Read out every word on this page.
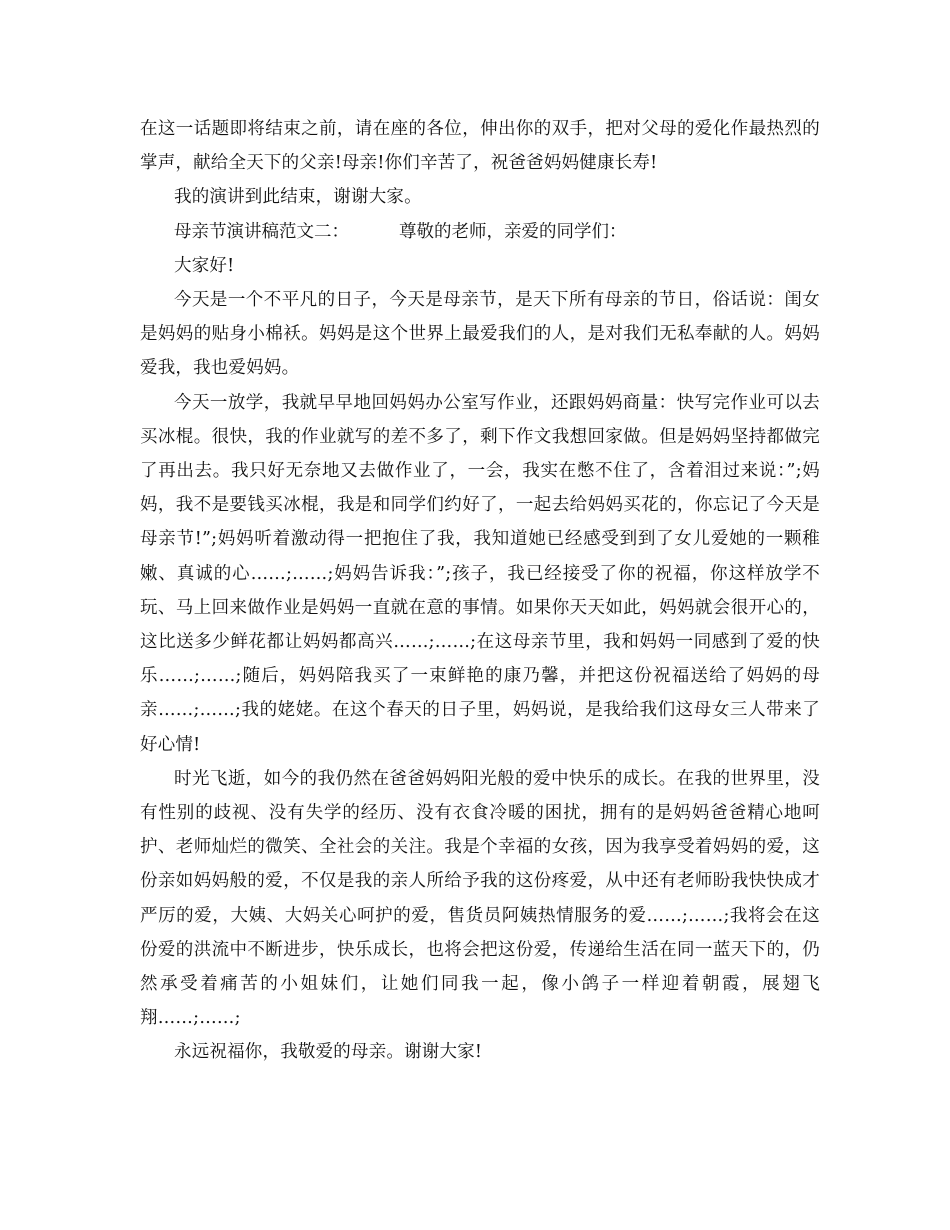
在这一话题即将结束之前，请在座的各位，伸出你的双手，把对父母的爱化作最热烈的掌声，献给全天下的父亲!母亲!你们辛苦了，祝爸爸妈妈健康长寿!

我的演讲到此结束，谢谢大家。

母亲节演讲稿范文二：	尊敬的老师，亲爱的同学们：

大家好!

今天是一个不平凡的日子，今天是母亲节，是天下所有母亲的节日，俗话说：闺女是妈妈的贴身小棉袄。妈妈是这个世界上最爱我们的人，是对我们无私奉献的人。妈妈爱我，我也爱妈妈。

今天一放学，我就早早地回妈妈办公室写作业，还跟妈妈商量：快写完作业可以去买冰棍。很快，我的作业就写的差不多了，剩下作文我想回家做。但是妈妈坚持都做完了再出去。我只好无奈地又去做作业了，一会，我实在憋不住了，含着泪过来说：”;妈妈，我不是要钱买冰棍，我是和同学们约好了，一起去给妈妈买花的，你忘记了今天是母亲节!”;妈妈听着激动得一把抱住了我，我知道她已经感受到到了女儿爱她的一颗稚嫩、真诚的心……;……;妈妈告诉我：”;孩子，我已经接受了你的祝福，你这样放学不玩、马上回来做作业是妈妈一直就在意的事情。如果你天天如此，妈妈就会很开心的，这比送多少鲜花都让妈妈都高兴……;……;在这母亲节里，我和妈妈一同感到了爱的快乐……;……;随后，妈妈陪我买了一束鲜艳的康乃馨，并把这份祝福送给了妈妈的母亲……;……;我的姥姥。在这个春天的日子里，妈妈说，是我给我们这母女三人带来了好心情!

时光飞逝，如今的我仍然在爸爸妈妈阳光般的爱中快乐的成长。在我的世界里，没有性别的歧视、没有失学的经历、没有衣食冷暖的困扰，拥有的是妈妈爸爸精心地呵护、老师灿烂的微笑、全社会的关注。我是个幸福的女孩，因为我享受着妈妈的爱，这份亲如妈妈般的爱，不仅是我的亲人所给予我的这份疼爱，从中还有老师盼我快快成才严厉的爱，大姨、大妈关心呵护的爱，售货员阿姨热情服务的爱……;……;我将会在这份爱的洪流中不断进步，快乐成长，也将会把这份爱，传递给生活在同一蓝天下的，仍然承受着痛苦的小姐妹们，让她们同我一起，像小鸽子一样迎着朝霞，展翅飞翔……;……;

永远祝福你，我敬爱的母亲。谢谢大家!
